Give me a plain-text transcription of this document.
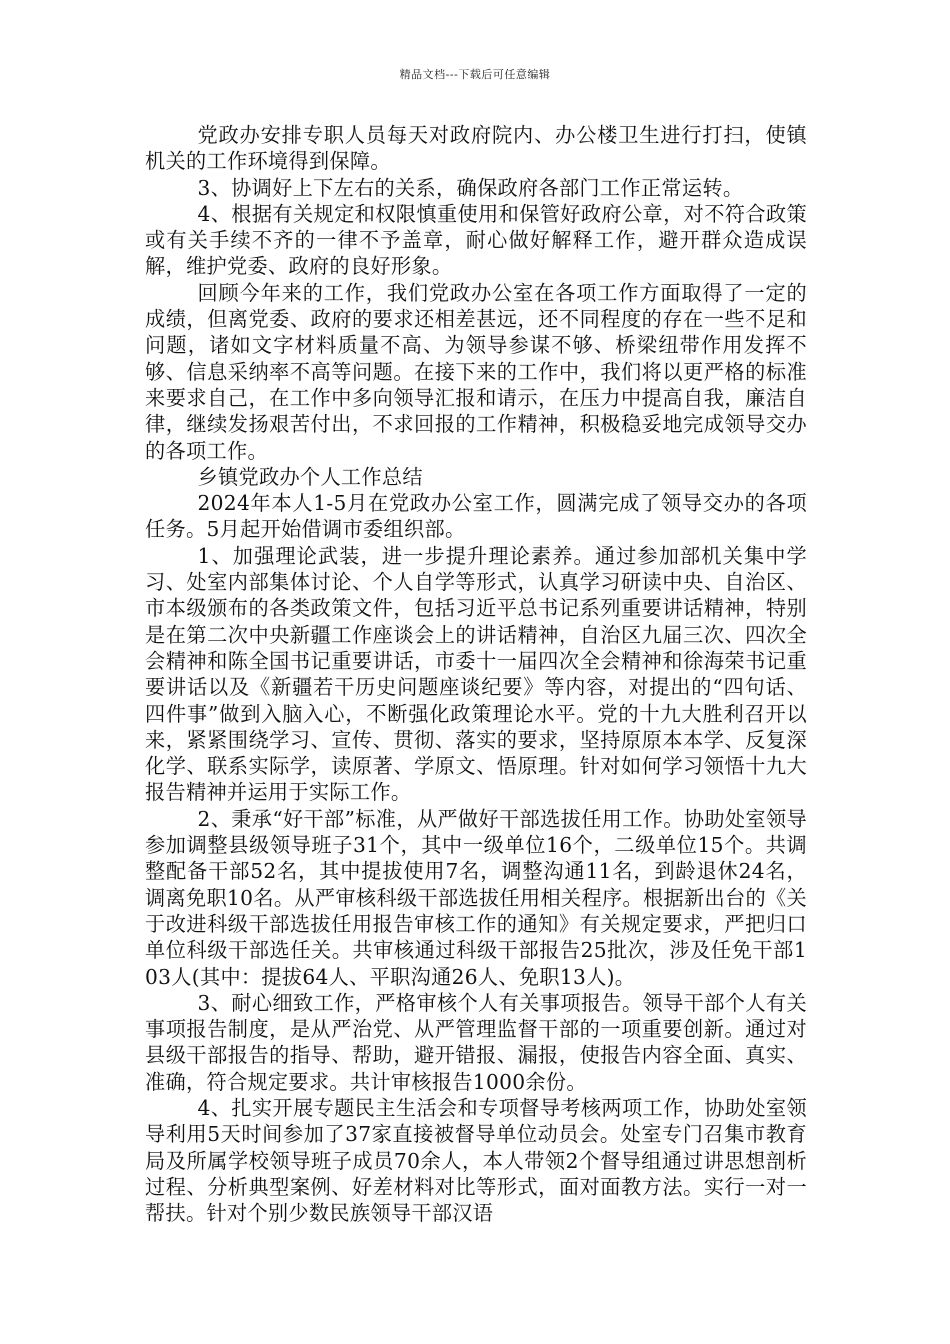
精品文档---下载后可任意编辑

党政办安排专职人员每天对政府院内、办公楼卫生进行打扫，使镇机关的工作环境得到保障。

3、协调好上下左右的关系，确保政府各部门工作正常运转。

4、根据有关规定和权限慎重使用和保管好政府公章，对不符合政策或有关手续不齐的一律不予盖章，耐心做好解释工作，避开群众造成误解，维护党委、政府的良好形象。

回顾今年来的工作，我们党政办公室在各项工作方面取得了一定的成绩，但离党委、政府的要求还相差甚远，还不同程度的存在一些不足和问题，诸如文字材料质量不高、为领导参谋不够、桥梁纽带作用发挥不够、信息采纳率不高等问题。在接下来的工作中，我们将以更严格的标准来要求自己，在工作中多向领导汇报和请示，在压力中提高自我，廉洁自律，继续发扬艰苦付出，不求回报的工作精神，积极稳妥地完成领导交办的各项工作。

乡镇党政办个人工作总结

2024年本人1-5月在党政办公室工作，圆满完成了领导交办的各项任务。5月起开始借调市委组织部。

1、加强理论武装，进一步提升理论素养。通过参加部机关集中学习、处室内部集体讨论、个人自学等形式，认真学习研读中央、自治区、市本级颁布的各类政策文件，包括习近平总书记系列重要讲话精神，特别是在第二次中央新疆工作座谈会上的讲话精神，自治区九届三次、四次全会精神和陈全国书记重要讲话，市委十一届四次全会精神和徐海荣书记重要讲话以及《新疆若干历史问题座谈纪要》等内容，对提出的“四句话、四件事”做到入脑入心，不断强化政策理论水平。党的十九大胜利召开以来，紧紧围绕学习、宣传、贯彻、落实的要求，坚持原原本本学、反复深化学、联系实际学，读原著、学原文、悟原理。针对如何学习领悟十九大报告精神并运用于实际工作。

2、秉承“好干部”标准，从严做好干部选拔任用工作。协助处室领导参加调整县级领导班子31个，其中一级单位16个，二级单位15个。共调整配备干部52名，其中提拔使用7名，调整沟通11名，到龄退休24名，调离免职10名。从严审核科级干部选拔任用相关程序。根据新出台的《关于改进科级干部选拔任用报告审核工作的通知》有关规定要求，严把归口单位科级干部选任关。共审核通过科级干部报告25批次，涉及任免干部103人(其中：提拔64人、平职沟通26人、免职13人)。

3、耐心细致工作，严格审核个人有关事项报告。领导干部个人有关事项报告制度，是从严治党、从严管理监督干部的一项重要创新。通过对县级干部报告的指导、帮助，避开错报、漏报，使报告内容全面、真实、准确，符合规定要求。共计审核报告1000余份。

4、扎实开展专题民主生活会和专项督导考核两项工作，协助处室领导利用5天时间参加了37家直接被督导单位动员会。处室专门召集市教育局及所属学校领导班子成员70余人，本人带领2个督导组通过讲思想剖析过程、分析典型案例、好差材料对比等形式，面对面教方法。实行一对一帮扶。针对个别少数民族领导干部汉语
